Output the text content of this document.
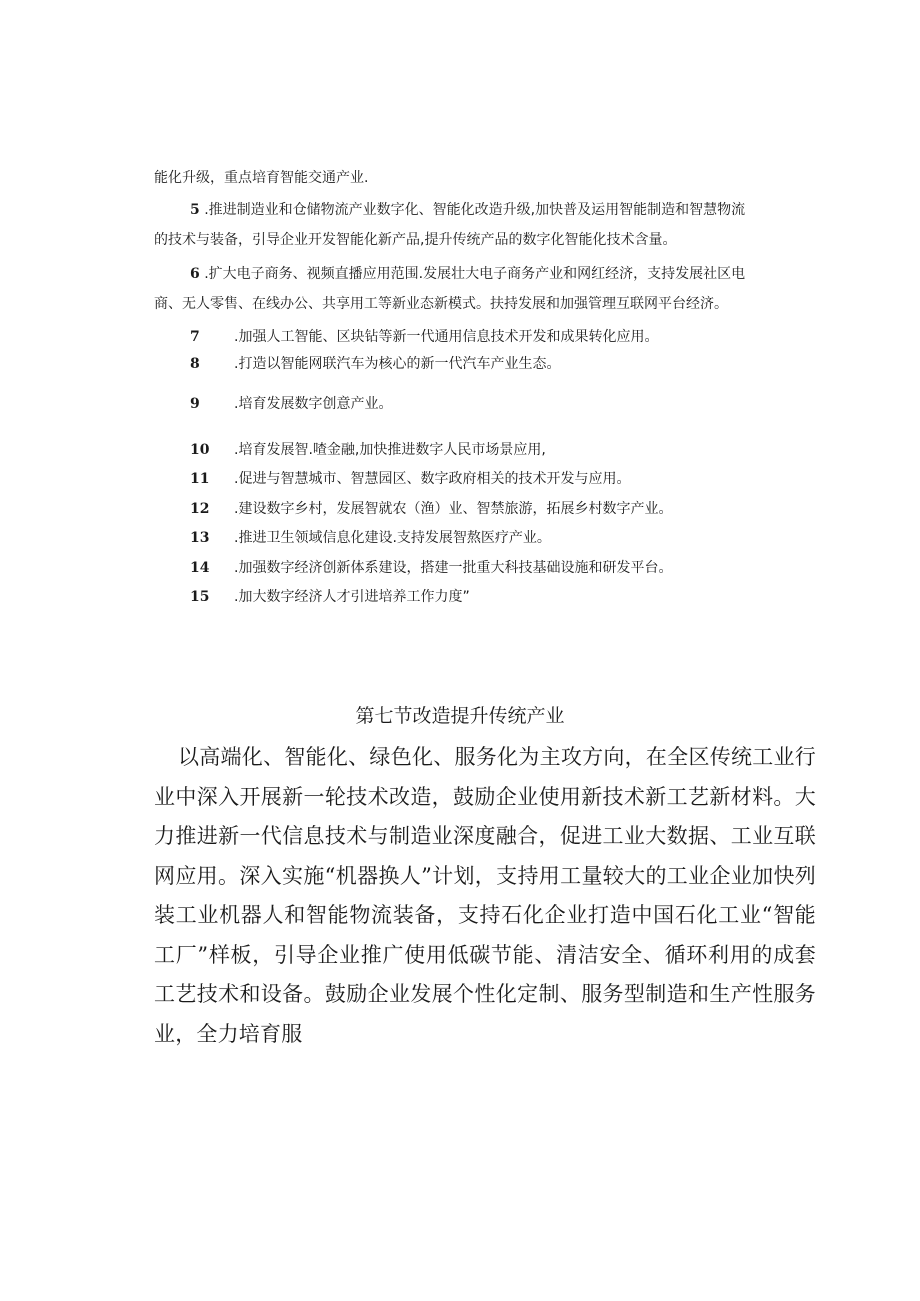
能化升级，重点培育智能交通产业.
5 .推进制造业和仓储物流产业数字化、智能化改造升级,加快普及运用智能制造和智慧物流
的技术与装备，引导企业开发智能化新产品,提升传统产品的数字化智能化技术含量。
6 .扩大电子商务、视频直播应用范围.发展壮大电子商务产业和网红经济，支持发展社区电
商、无人零售、在线办公、共享用工等新业态新模式。扶持发展和加强管理互联网平台经济。
7 .加强人工智能、区块钻等新一代通用信息技术开发和成果转化应用。
8 .打造以智能网联汽车为核心的新一代汽车产业生态。
9 .培育发展数字创意产业。
10 .培育发展智.喳金融,加快推进数字人民市场景应用,
11 .促进与智慧城市、智慧园区、数字政府相关的技术开发与应用。
12 .建设数字乡村，发展智就农（渔）业、智禁旅游，拓展乡村数字产业。
13 .推进卫生领域信息化建设.支持发展智熬医疗产业。
14 .加强数字经济创新体系建设，搭建一批重大科技基础设施和研发平台。
15 .加大数字经济人才引进培养工作力度”
第七节改造提升传统产业
以高端化、智能化、绿色化、服务化为主攻方向，在全区传统工业行业中深入开展新一轮技术改造，鼓励企业使用新技术新工艺新材料。大力推进新一代信息技术与制造业深度融合，促进工业大数据、工业互联网应用。深入实施“机器换人”计划，支持用工量较大的工业企业加快列装工业机器人和智能物流装备，支持石化企业打造中国石化工业“智能工厂”样板，引导企业推广使用低碳节能、清洁安全、循环利用的成套工艺技术和设备。鼓励企业发展个性化定制、服务型制造和生产性服务业，全力培育服
